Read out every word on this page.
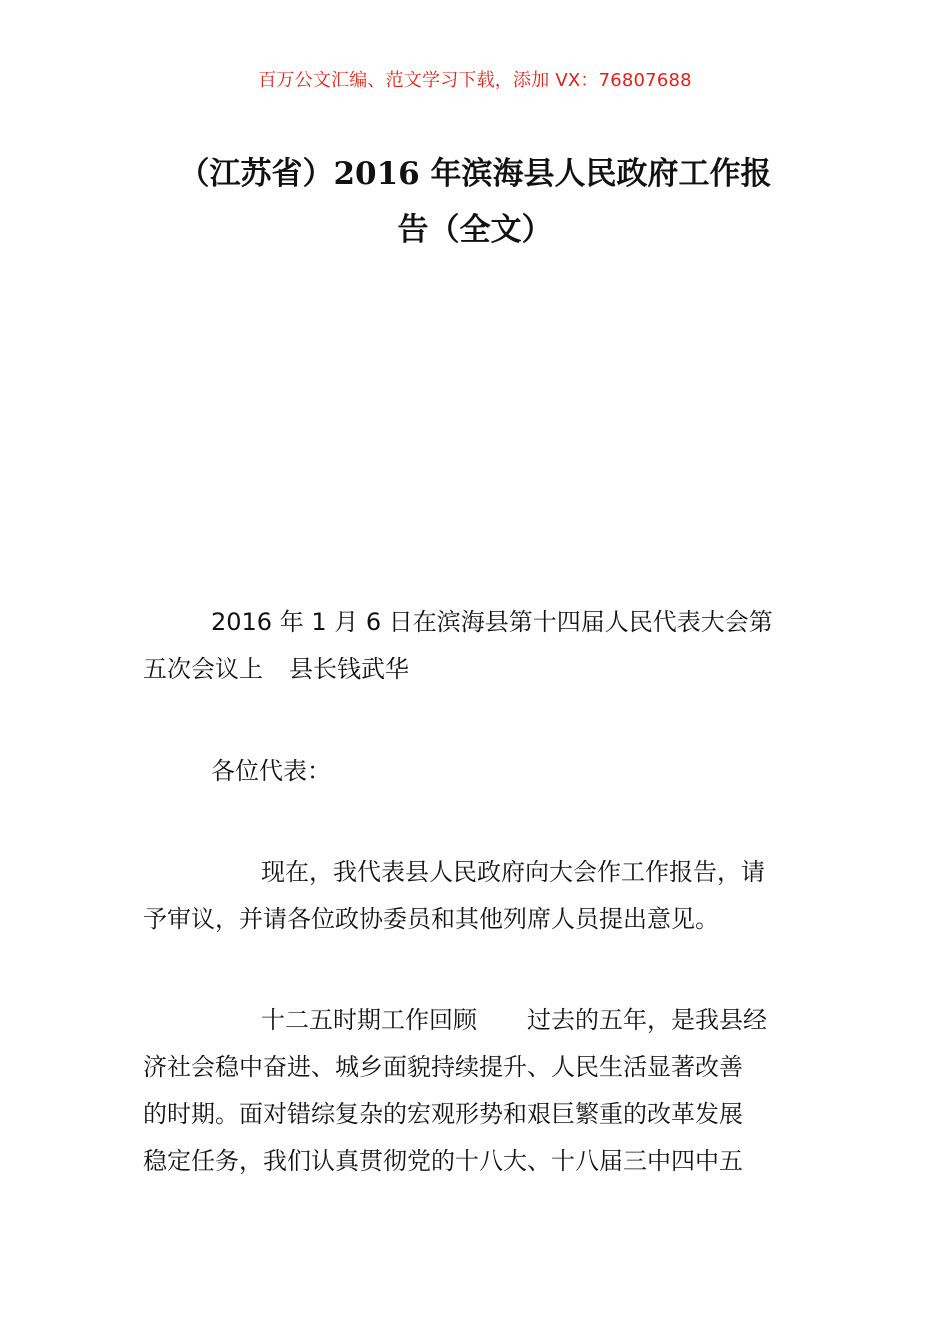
百万公文汇编、范文学习下载，添加 VX：76807688
（江苏省）2016 年滨海县人民政府工作报
告（全文）
2016 年 1 月 6 日在滨海县第十四届人民代表大会第
五次会议上 县长钱武华
各位代表：
现在，我代表县人民政府向大会作工作报告，请
予审议，并请各位政协委员和其他列席人员提出意见。
十二五时期工作回顾 过去的五年，是我县经
济社会稳中奋进、城乡面貌持续提升、人民生活显著改善
的时期。面对错综复杂的宏观形势和艰巨繁重的改革发展
稳定任务，我们认真贯彻党的十八大、十八届三中四中五
